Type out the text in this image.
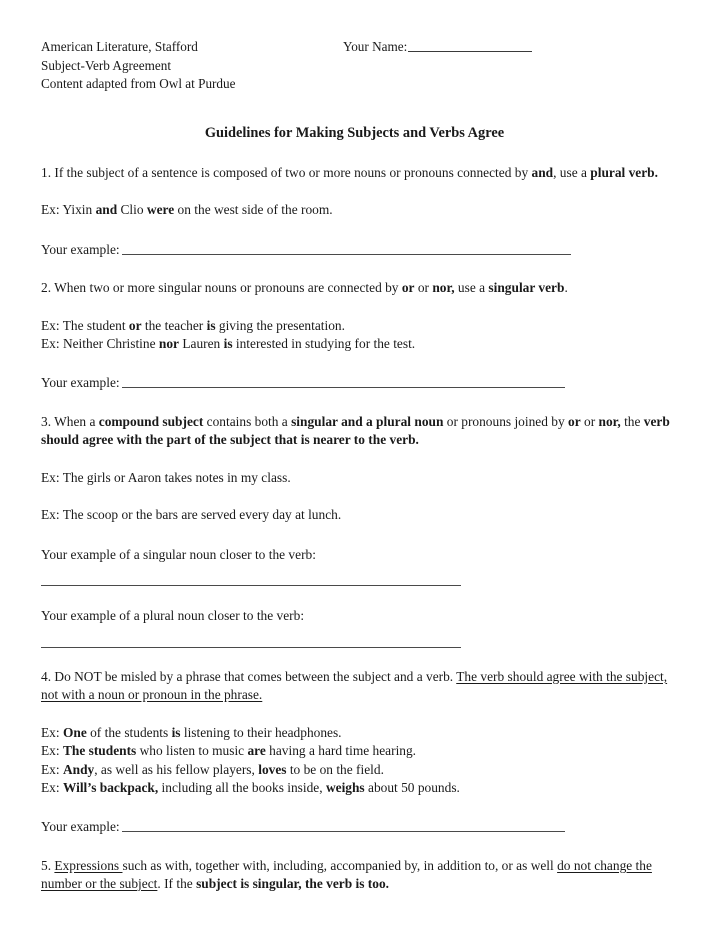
American Literature, Stafford
Subject-Verb Agreement
Content adapted from Owl at Purdue
Your Name:
Guidelines for Making Subjects and Verbs Agree
1. If the subject of a sentence is composed of two or more nouns or pronouns connected by and, use a plural verb.
Ex: Yixin and Clio were on the west side of the room.
Your example:
2. When two or more singular nouns or pronouns are connected by or or nor, use a singular verb.
Ex: The student or the teacher is giving the presentation.
Ex: Neither Christine nor Lauren is interested in studying for the test.
Your example:
3. When a compound subject contains both a singular and a plural noun or pronouns joined by or or nor, the verb should agree with the part of the subject that is nearer to the verb.
Ex: The girls or Aaron takes notes in my class.
Ex: The scoop or the bars are served every day at lunch.
Your example of a singular noun closer to the verb:
Your example of a plural noun closer to the verb:
4. Do NOT be misled by a phrase that comes between the subject and a verb. The verb should agree with the subject, not with a noun or pronoun in the phrase.
Ex: One of the students is listening to their headphones.
Ex: The students who listen to music are having a hard time hearing.
Ex: Andy, as well as his fellow players, loves to be on the field.
Ex: Will’s backpack, including all the books inside, weighs about 50 pounds.
Your example:
5. Expressions such as with, together with, including, accompanied by, in addition to, or as well do not change the number or the subject. If the subject is singular, the verb is too.
